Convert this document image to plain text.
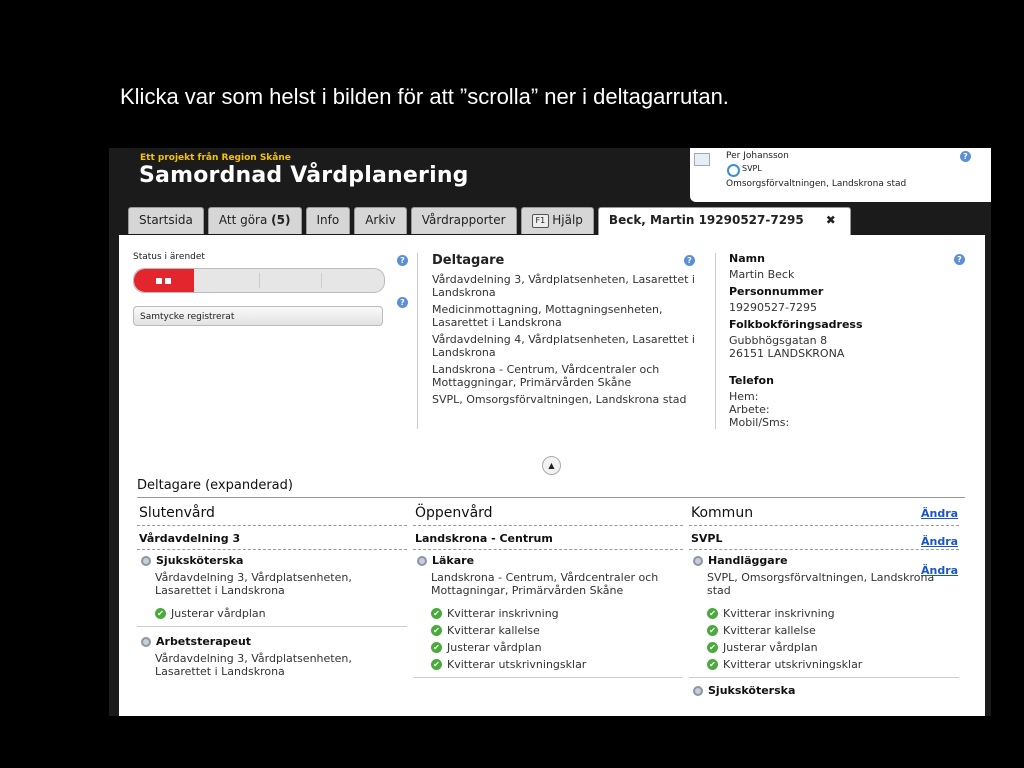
Klicka var som helst i bilden för att ”scrolla” ner i deltagarrutan.
Ett projekt från Region Skåne
Samordnad Vårdplanering
Per Johansson
SVPL
Omsorgsförvaltningen, Landskrona stad
?
Startsida	Att göra (5)	Info	Arkiv	Vårdrapporter	F1 Hjälp	Beck, Martin 19290527-7295 ✖
Status i ärendet	?
?
Samtycke registrerat
Deltagare
Vårdavdelning 3, Vårdplatsenheten, Lasarettet i Landskrona
Medicinmottagning, Mottagningsenheten, Lasarettet i Landskrona
Vårdavdelning 4, Vårdplatsenheten, Lasarettet i Landskrona
Landskrona - Centrum, Vårdcentraler och Mottaggningar, Primärvården Skåne
SVPL, Omsorgsförvaltningen, Landskrona stad
?	Namn
Martin Beck
Personnummer
19290527-7295
Folkbokföringsadress
Gubbhögsgatan 8
26151 LANDSKRONA
Telefon
Hem:
Arbete:
Mobil/Sms:
?
▲
Deltagare (expanderad)
Slutenvård
Vårdavdelning 3
Sjuksköterska
Vårdavdelning 3, Vårdplatsenheten, Lasarettet i Landskrona
✔ Justerar vårdplan
Arbetsterapeut
Vårdavdelning 3, Vårdplatsenheten, Lasarettet i Landskrona
Öppenvård
Landskrona - Centrum
Läkare
Landskrona - Centrum, Vårdcentraler och Mottagningar, Primärvården Skåne
✔ Kvitterar inskrivning
✔ Kvitterar kallelse
✔ Justerar vårdplan
✔ Kvitterar utskrivningsklar
Kommun
SVPL
Handläggare
SVPL, Omsorgsförvaltningen, Landskrona stad
✔ Kvitterar inskrivning
✔ Kvitterar kallelse
✔ Justerar vårdplan
✔ Kvitterar utskrivningsklar
Sjuksköterska
Ändra
Ändra
Ändra
